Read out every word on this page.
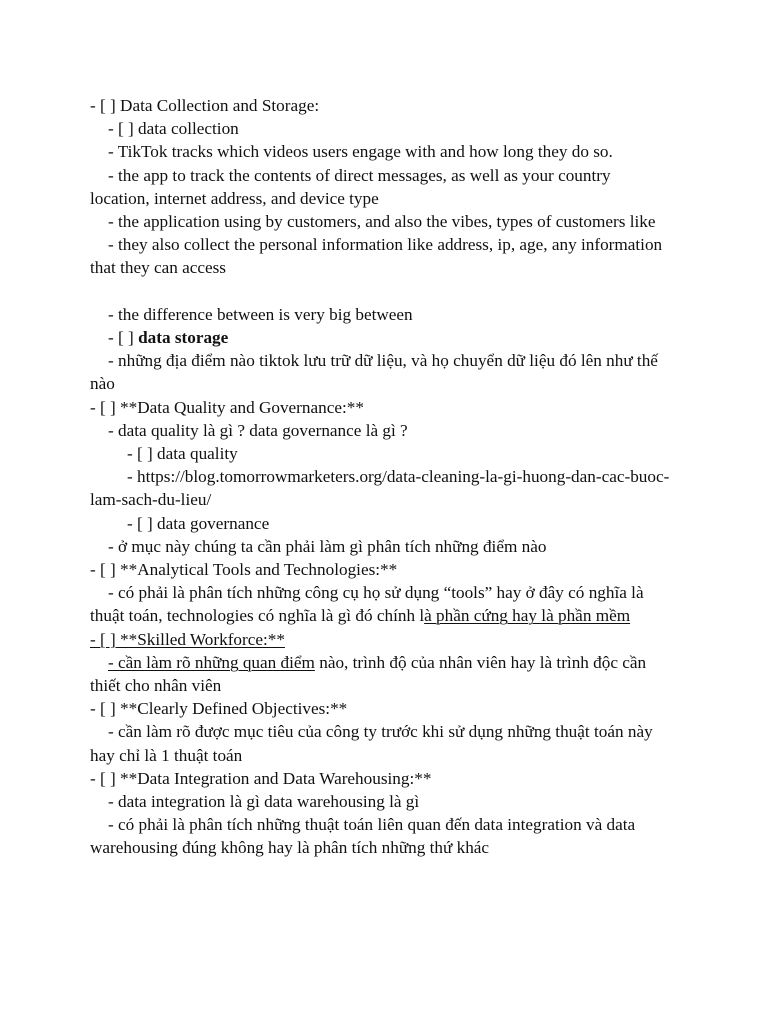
- [ ] Data Collection and Storage:
- [ ] data collection
- TikTok tracks which videos users engage with and how long they do so.
- the app to track the contents of direct messages, as well as your country location, internet address, and device type
- the application using by customers, and also the vibes, types of customers like
- they also collect the personal information like address, ip, age, any information that they can access
- the difference between is very big between
- [ ] data storage
- những địa điểm nào tiktok lưu trữ dữ liệu, và họ chuyển dữ liệu đó lên như thế nào
- [ ] **Data Quality and Governance:**
- data quality là gì ? data governance là gì ?
- [ ] data quality
- https://blog.tomorrowmarketers.org/data-cleaning-la-gi-huong-dan-cac-buoc-lam-sach-du-lieu/
- [ ] data governance
- ở mục này chúng ta cần phải làm gì phân tích những điểm nào
- [ ] **Analytical Tools and Technologies:**
- có phải là phân tích những công cụ họ sử dụng “tools” hay ở đây có nghĩa là thuật toán, technologies có nghĩa là gì đó chính là phần cứng hay là phần mềm
- [ ] **Skilled Workforce:**
- cần làm rõ những quan điểm nào, trình độ của nhân viên hay là trình độc cần thiết cho nhân viên
- [ ] **Clearly Defined Objectives:**
- cần làm rõ được mục tiêu của công ty trước khi sử dụng những thuật toán này hay chỉ là 1 thuật toán
- [ ] **Data Integration and Data Warehousing:**
- data integration là gì data warehousing là gì
- có phải là phân tích những thuật toán liên quan đến data integration và data warehousing đúng không hay là phân tích những thứ khác
